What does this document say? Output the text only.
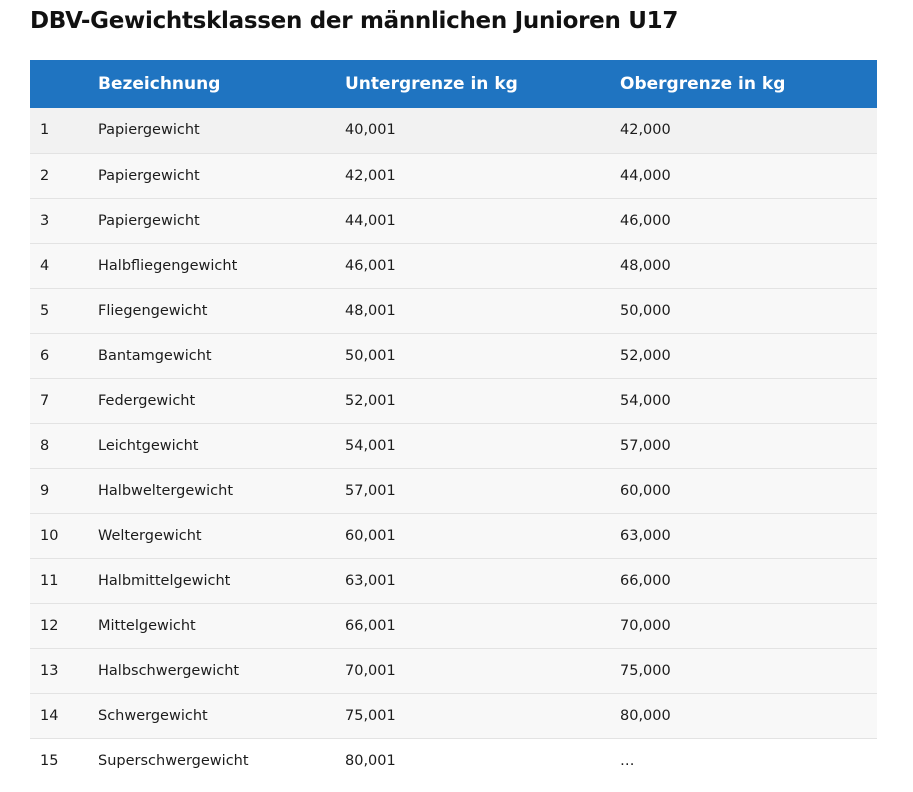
DBV-Gewichtsklassen der männlichen Junioren U17
	Bezeichnung	Untergrenze in kg	Obergrenze in kg
1	Papiergewicht	40,001	42,000
2	Papiergewicht	42,001	44,000
3	Papiergewicht	44,001	46,000
4	Halbfliegengewicht	46,001	48,000
5	Fliegengewicht	48,001	50,000
6	Bantamgewicht	50,001	52,000
7	Federgewicht	52,001	54,000
8	Leichtgewicht	54,001	57,000
9	Halbweltergewicht	57,001	60,000
10	Weltergewicht	60,001	63,000
11	Halbmittelgewicht	63,001	66,000
12	Mittelgewicht	66,001	70,000
13	Halbschwergewicht	70,001	75,000
14	Schwergewicht	75,001	80,000
15	Superschwergewicht	80,001	…
